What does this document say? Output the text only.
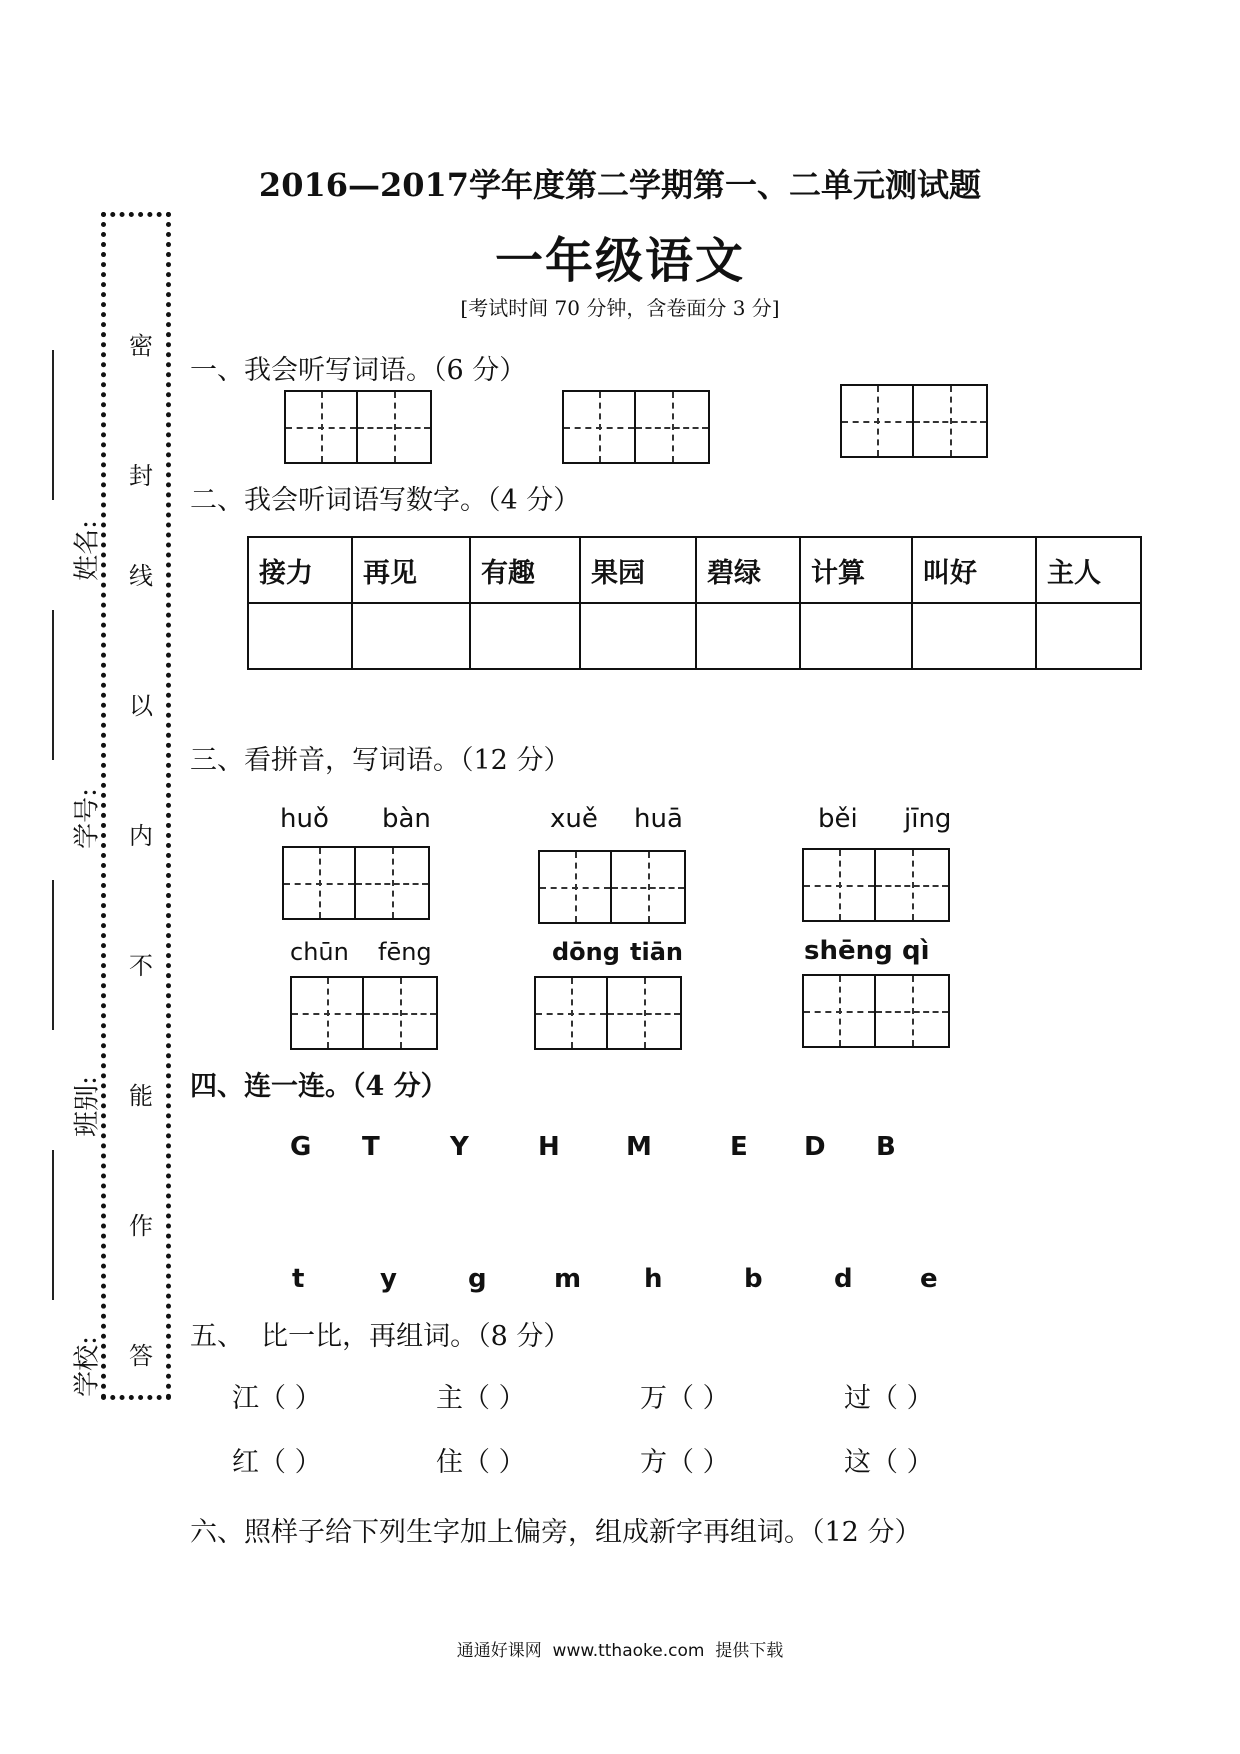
姓名:
学号:
班别:
学校:
密
封
线
以
内
不
能
作
答
2016—2017学年度第二学期第一、二单元测试题
一年级语文
[考试时间 70 分钟，含卷面分 3 分]
一、我会听写词语。（6 分）
二、我会听词语写数字。（4 分）
接力	再见	有趣	果园	碧绿	计算	叫好	主人

三、看拼音，写词语。（12 分）
huǒ bàn	xuě huā	běi jīng
chūn fēng	dōng tiān	shēng qì
四、连一连。（4 分）
G T	Y	H	M	E D B
t	y	g	m h	b	d	e
五、  比一比，再组词。（8 分）
江（ ）	主（ ）	万（ ）	过（ ）
红（ ）	住（ ）	方（ ）	这（ ）
六、照样子给下列生字加上偏旁，组成新字再组词。（12 分）
通通好课网  www.tthaoke.com  提供下载
